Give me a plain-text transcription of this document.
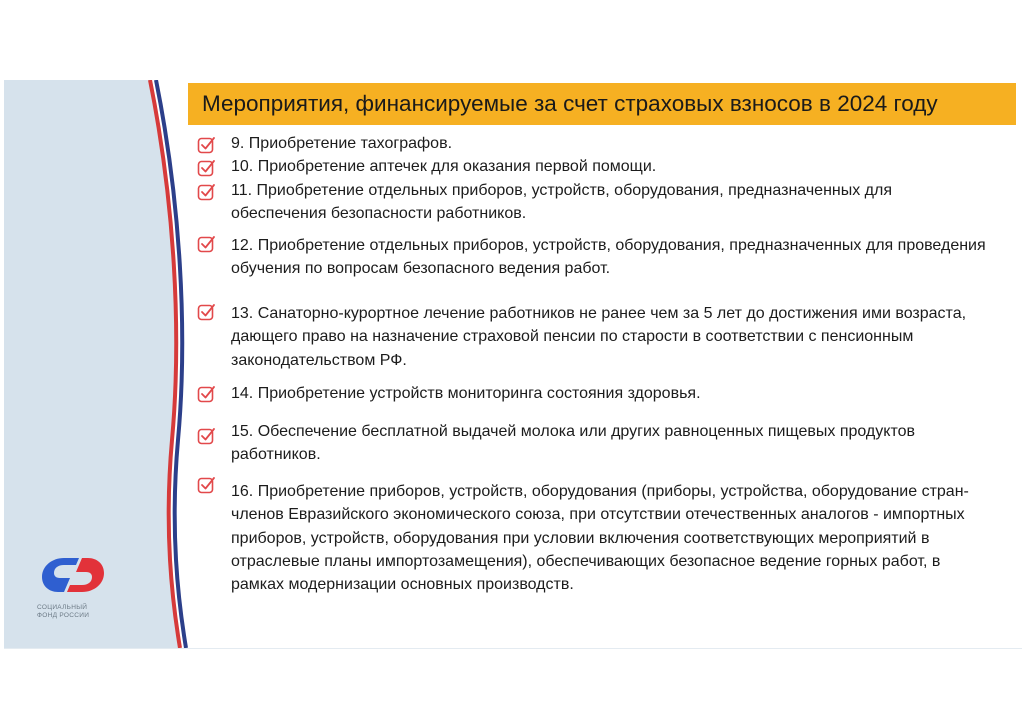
Мероприятия, финансируемые за счет страховых взносов в 2024 году
9. Приобретение тахографов.
10. Приобретение аптечек для оказания первой помощи.
11. Приобретение отдельных приборов, устройств, оборудования, предназначенных для обеспечения безопасности работников.
12. Приобретение отдельных приборов, устройств, оборудования, предназначенных для проведения обучения по вопросам безопасного ведения работ.
13. Санаторно-курортное лечение работников не ранее чем за 5 лет до достижения ими возраста, дающего право на назначение страховой пенсии по старости в соответствии с пенсионным законодательством РФ.
14. Приобретение устройств мониторинга состояния здоровья.
15. Обеспечение бесплатной выдачей молока или других равноценных пищевых продуктов работников.
16. Приобретение приборов, устройств, оборудования (приборы, устройства, оборудование стран-членов Евразийского экономического союза, при отсутствии отечественных аналогов - импортных приборов, устройств, оборудования при условии включения соответствующих мероприятий в отраслевые планы импортозамещения), обеспечивающих безопасное ведение горных работ, в рамках модернизации основных производств.
СОЦИАЛЬНЫЙ
ФОНД РОССИИ
